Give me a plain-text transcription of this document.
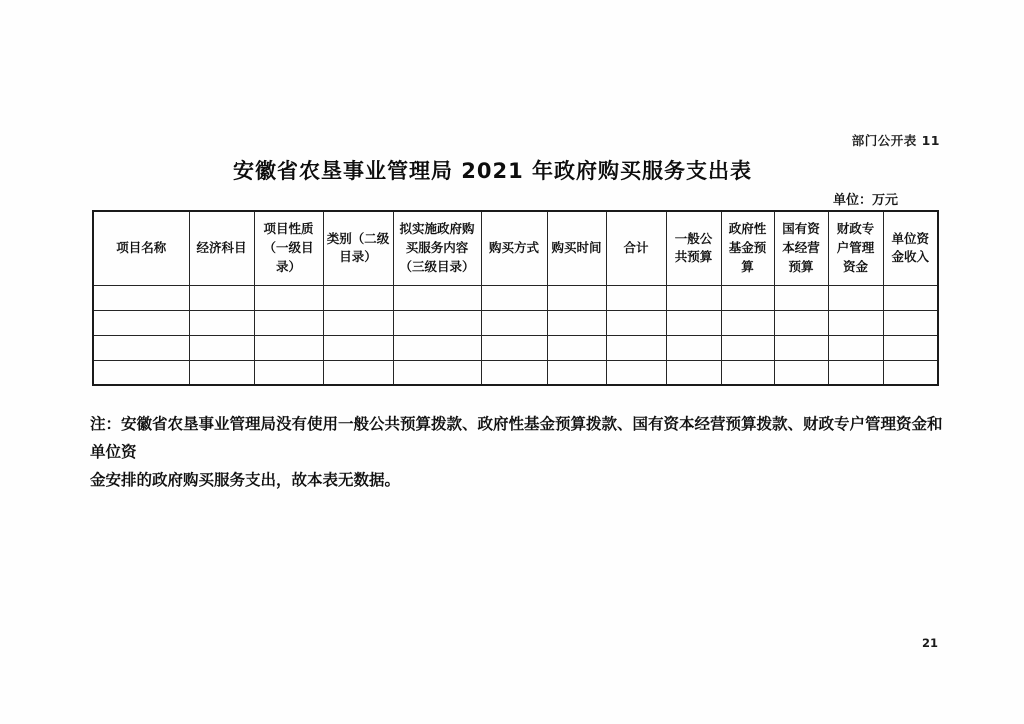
部门公开表 11
安徽省农垦事业管理局 2021 年政府购买服务支出表
单位：万元
项目名称	经济科目	项目性质（一级目录）	类别（二级目录）	拟实施政府购买服务内容（三级目录）	购买方式	购买时间	合计	一般公共预算	政府性基金预算	国有资本经营预算	财政专户管理资金	单位资金收入

注：安徽省农垦事业管理局没有使用一般公共预算拨款、政府性基金预算拨款、国有资本经营预算拨款、财政专户管理资金和单位资
金安排的政府购买服务支出，故本表无数据。
21
